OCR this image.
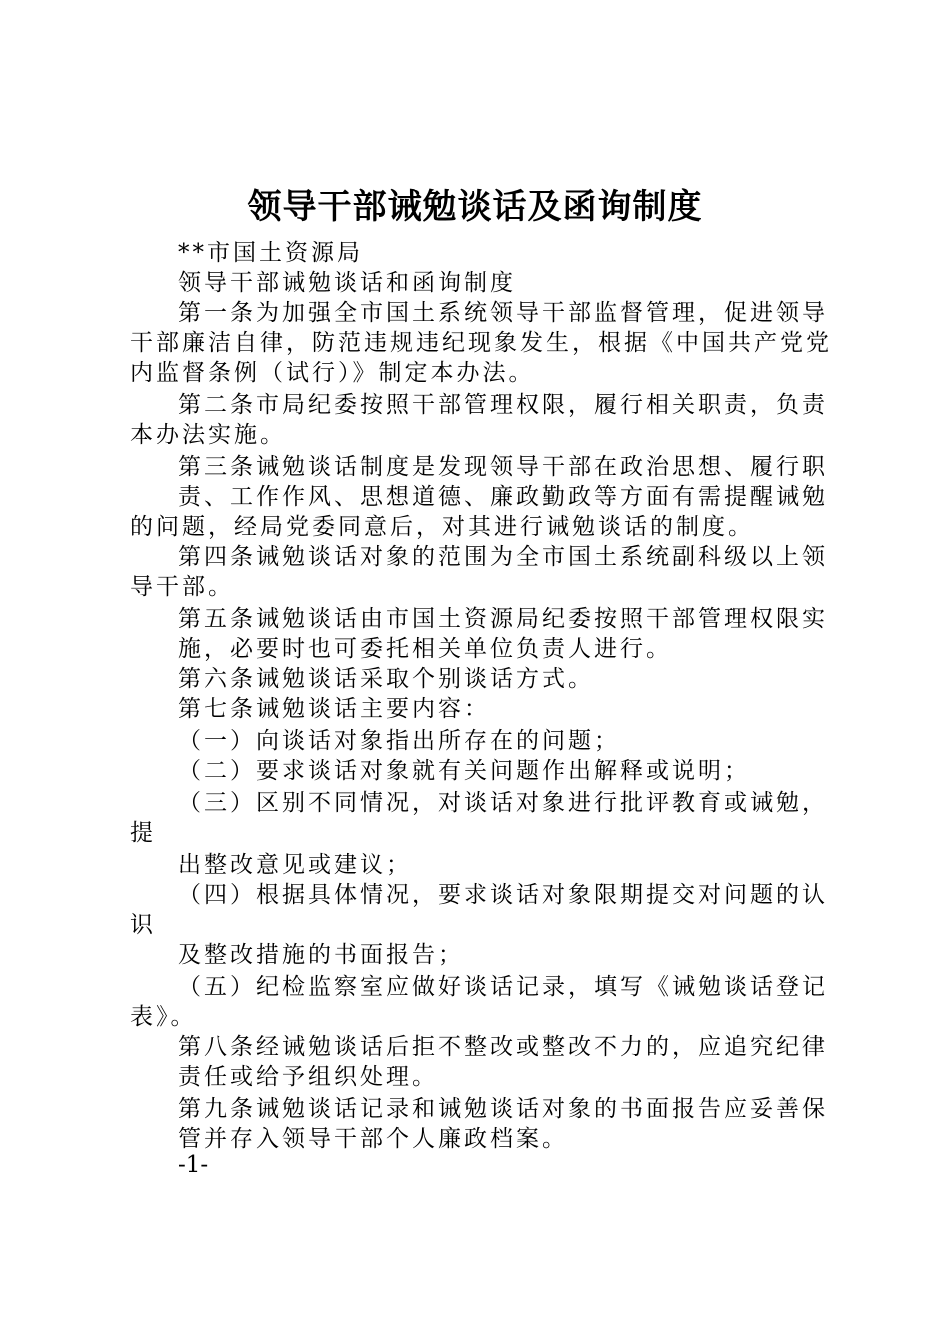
领导干部诫勉谈话及函询制度
**市国土资源局
领导干部诫勉谈话和函询制度
第一条为加强全市国土系统领导干部监督管理，促进领导
干部廉洁自律，防范违规违纪现象发生，根据《中国共产党党
内监督条例（试行）》制定本办法。
第二条市局纪委按照干部管理权限，履行相关职责，负责
本办法实施。
第三条诫勉谈话制度是发现领导干部在政治思想、履行职
责、工作作风、思想道德、廉政勤政等方面有需提醒诫勉
的问题，经局党委同意后，对其进行诫勉谈话的制度。
第四条诫勉谈话对象的范围为全市国土系统副科级以上领
导干部。
第五条诫勉谈话由市国土资源局纪委按照干部管理权限实
施，必要时也可委托相关单位负责人进行。
第六条诫勉谈话采取个别谈话方式。
第七条诫勉谈话主要内容：
（一）向谈话对象指出所存在的问题；
（二）要求谈话对象就有关问题作出解释或说明；
（三）区别不同情况，对谈话对象进行批评教育或诫勉，
提
出整改意见或建议；
（四）根据具体情况，要求谈话对象限期提交对问题的认
识
及整改措施的书面报告；
（五）纪检监察室应做好谈话记录，填写《诫勉谈话登记
表》。
第八条经诫勉谈话后拒不整改或整改不力的，应追究纪律
责任或给予组织处理。
第九条诫勉谈话记录和诫勉谈话对象的书面报告应妥善保
管并存入领导干部个人廉政档案。
-1-
